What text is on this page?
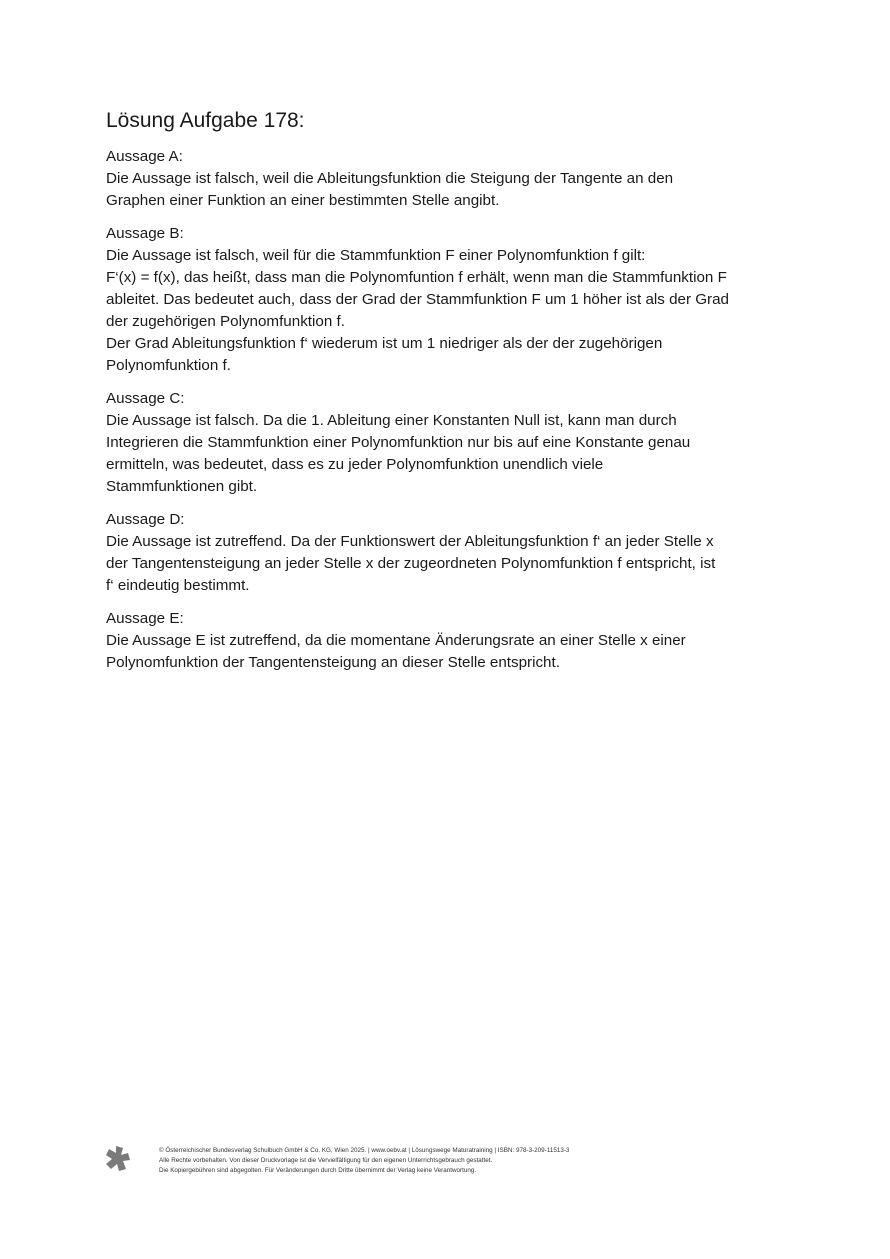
Lösung Aufgabe 178:

Aussage A:

Die Aussage ist falsch, weil die Ableitungsfunktion die Steigung der Tangente an den

Graphen einer Funktion an einer bestimmten Stelle angibt.

Aussage B:

Die Aussage ist falsch, weil für die Stammfunktion F einer Polynomfunktion f gilt:

F‘(x) = f(x), das heißt, dass man die Polynomfuntion f erhält, wenn man die Stammfunktion F

ableitet. Das bedeutet auch, dass der Grad der Stammfunktion F um 1 höher ist als der Grad

der zugehörigen Polynomfunktion f.

Der Grad Ableitungsfunktion f‘ wiederum ist um 1 niedriger als der der zugehörigen

Polynomfunktion f.

Aussage C:

Die Aussage ist falsch. Da die 1. Ableitung einer Konstanten Null ist, kann man durch

Integrieren die Stammfunktion einer Polynomfunktion nur bis auf eine Konstante genau

ermitteln, was bedeutet, dass es zu jeder Polynomfunktion unendlich viele

Stammfunktionen gibt.

Aussage D:

Die Aussage ist zutreffend. Da der Funktionswert der Ableitungsfunktion f‘ an jeder Stelle x

der Tangentensteigung an jeder Stelle x der zugeordneten Polynomfunktion f entspricht, ist

f‘ eindeutig bestimmt.

Aussage E:

Die Aussage E ist zutreffend, da die momentane Änderungsrate an einer Stelle x einer

Polynomfunktion der Tangentensteigung an dieser Stelle entspricht.

© Österreichischer Bundesverlag Schulbuch GmbH & Co. KG, Wien 2025. | www.oebv.at | Lösungswege Maturatraining | ISBN: 978-3-209-11513-3

Alle Rechte vorbehalten. Von dieser Druckvorlage ist die Vervielfältigung für den eigenen Unterrichtsgebrauch gestattet.

Die Kopiergebühren sind abgegolten. Für Veränderungen durch Dritte übernimmt der Verlag keine Verantwortung.
